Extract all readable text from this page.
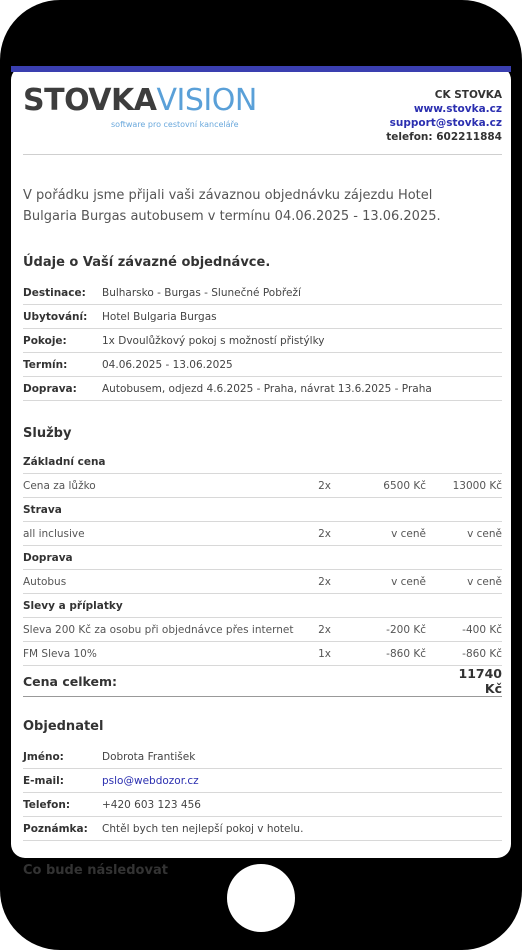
STOVKAVISION
software pro cestovní kanceláře
CK STOVKA
www.stovka.cz
support@stovka.cz
telefon: 602211884
V pořádku jsme přijali vaši závaznou objednávku zájezdu Hotel Bulgaria Burgas autobusem v termínu 04.06.2025 - 13.06.2025.
Údaje o Vaší závazné objednávce.
Destinace:	Bulharsko - Burgas - Slunečné Pobřeží
Ubytování:	Hotel Bulgaria Burgas
Pokoje:	1x Dvoulůžkový pokoj s možností přistýlky
Termín:	04.06.2025 - 13.06.2025
Doprava:	Autobusem, odjezd 4.6.2025 - Praha, návrat 13.6.2025 - Praha
Služby
Základní cena			
Cena za lůžko	2x	6500 Kč	13000 Kč
Strava			
all inclusive	2x	v ceně	v ceně
Doprava			
Autobus	2x	v ceně	v ceně
Slevy a příplatky			
Sleva 200 Kč za osobu při objednávce přes internet	2x	-200 Kč	-400 Kč
FM Sleva 10%	1x	-860 Kč	-860 Kč
Cena celkem:			11740 Kč
Objednatel
Jméno:	Dobrota František
E-mail:	pslo@webdozor.cz
Telefon:	+420 603 123 456
Poznámka:	Chtěl bych ten nejlepší pokoj v hotelu.
Co bude následovat
